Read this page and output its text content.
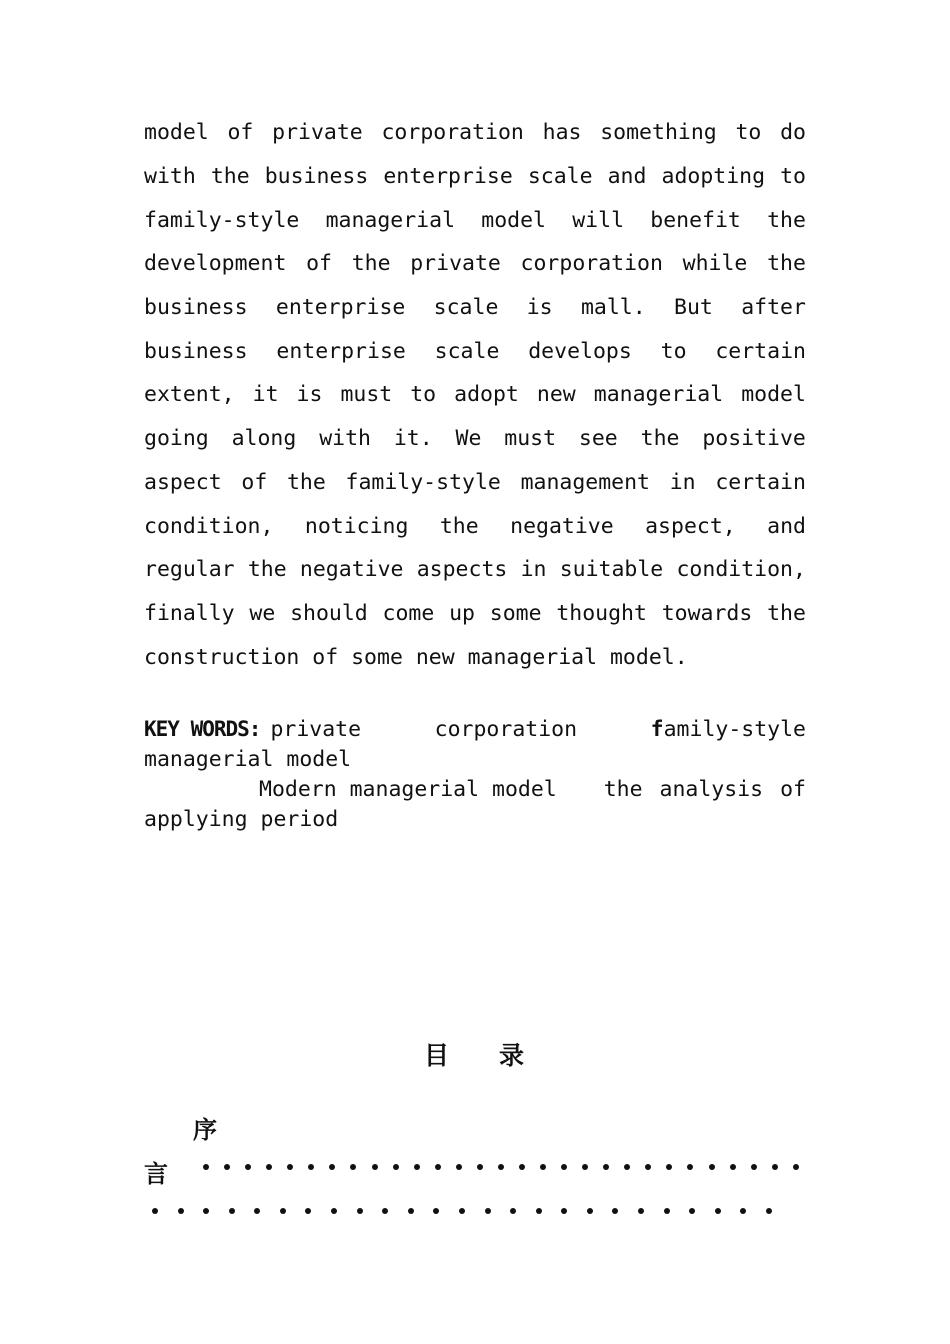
model of private corporation has something to do
with the business enterprise scale and adopting to
family-style managerial model will benefit the
development of the private corporation while the
business enterprise scale is mall. But after
business enterprise scale develops to certain
extent, it is must to adopt new managerial model
going along with it. We must see the positive
aspect of the family-style management in certain
condition, noticing the negative aspect, and
regular the negative aspects in suitable condition,
finally we should come up some thought towards the
construction of some new managerial model.
KEY WORDS: private	corporation	family-style
managerial model
Modern managerial model the analysis of
applying period
目 录
序
言
